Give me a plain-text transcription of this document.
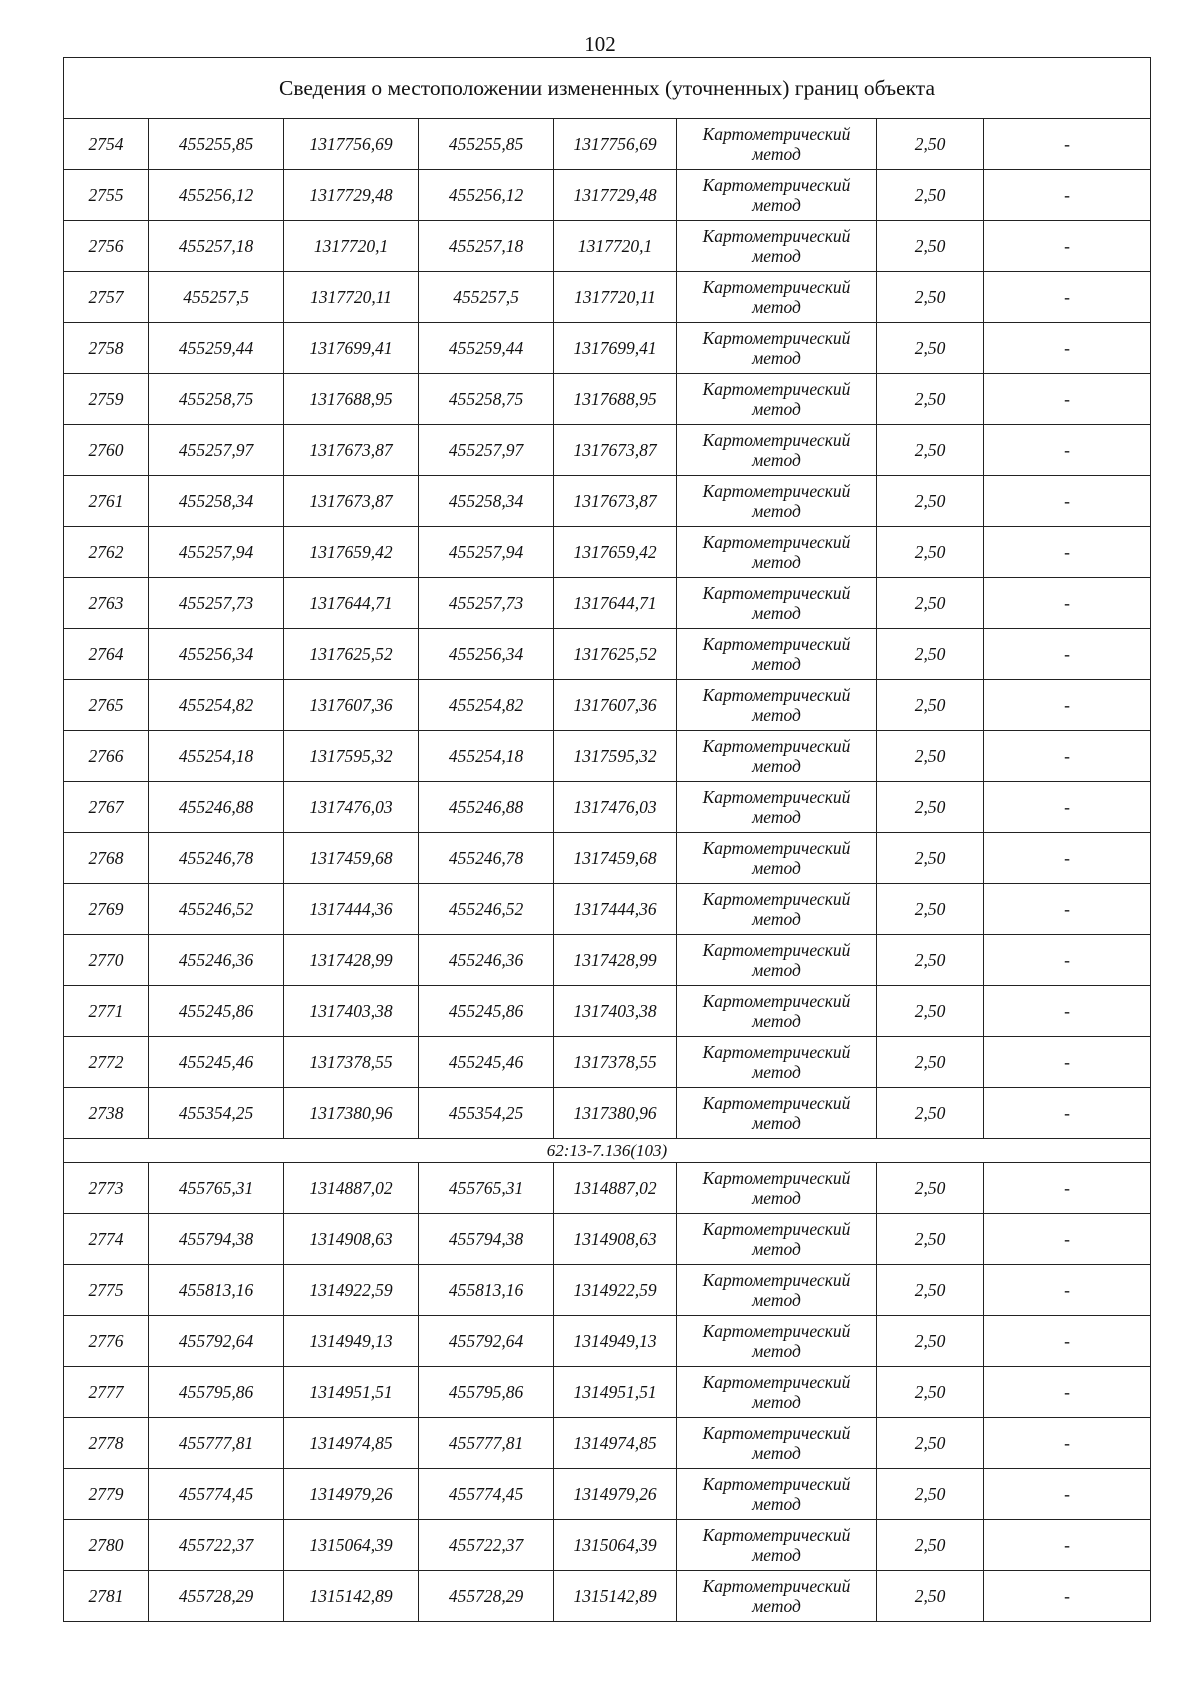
102
Сведения о местоположении измененных (уточненных) границ объекта							
2754	455255,85	1317756,69	455255,85	1317756,69	Картометрический
метод	2,50	-
2755	455256,12	1317729,48	455256,12	1317729,48	Картометрический
метод	2,50	-
2756	455257,18	1317720,1	455257,18	1317720,1	Картометрический
метод	2,50	-
2757	455257,5	1317720,11	455257,5	1317720,11	Картометрический
метод	2,50	-
2758	455259,44	1317699,41	455259,44	1317699,41	Картометрический
метод	2,50	-
2759	455258,75	1317688,95	455258,75	1317688,95	Картометрический
метод	2,50	-
2760	455257,97	1317673,87	455257,97	1317673,87	Картометрический
метод	2,50	-
2761	455258,34	1317673,87	455258,34	1317673,87	Картометрический
метод	2,50	-
2762	455257,94	1317659,42	455257,94	1317659,42	Картометрический
метод	2,50	-
2763	455257,73	1317644,71	455257,73	1317644,71	Картометрический
метод	2,50	-
2764	455256,34	1317625,52	455256,34	1317625,52	Картометрический
метод	2,50	-
2765	455254,82	1317607,36	455254,82	1317607,36	Картометрический
метод	2,50	-
2766	455254,18	1317595,32	455254,18	1317595,32	Картометрический
метод	2,50	-
2767	455246,88	1317476,03	455246,88	1317476,03	Картометрический
метод	2,50	-
2768	455246,78	1317459,68	455246,78	1317459,68	Картометрический
метод	2,50	-
2769	455246,52	1317444,36	455246,52	1317444,36	Картометрический
метод	2,50	-
2770	455246,36	1317428,99	455246,36	1317428,99	Картометрический
метод	2,50	-
2771	455245,86	1317403,38	455245,86	1317403,38	Картометрический
метод	2,50	-
2772	455245,46	1317378,55	455245,46	1317378,55	Картометрический
метод	2,50	-
2738	455354,25	1317380,96	455354,25	1317380,96	Картометрический
метод	2,50	-
62:13-7.136(103)							
2773	455765,31	1314887,02	455765,31	1314887,02	Картометрический
метод	2,50	-
2774	455794,38	1314908,63	455794,38	1314908,63	Картометрический
метод	2,50	-
2775	455813,16	1314922,59	455813,16	1314922,59	Картометрический
метод	2,50	-
2776	455792,64	1314949,13	455792,64	1314949,13	Картометрический
метод	2,50	-
2777	455795,86	1314951,51	455795,86	1314951,51	Картометрический
метод	2,50	-
2778	455777,81	1314974,85	455777,81	1314974,85	Картометрический
метод	2,50	-
2779	455774,45	1314979,26	455774,45	1314979,26	Картометрический
метод	2,50	-
2780	455722,37	1315064,39	455722,37	1315064,39	Картометрический
метод	2,50	-
2781	455728,29	1315142,89	455728,29	1315142,89	Картометрический
метод	2,50	-
